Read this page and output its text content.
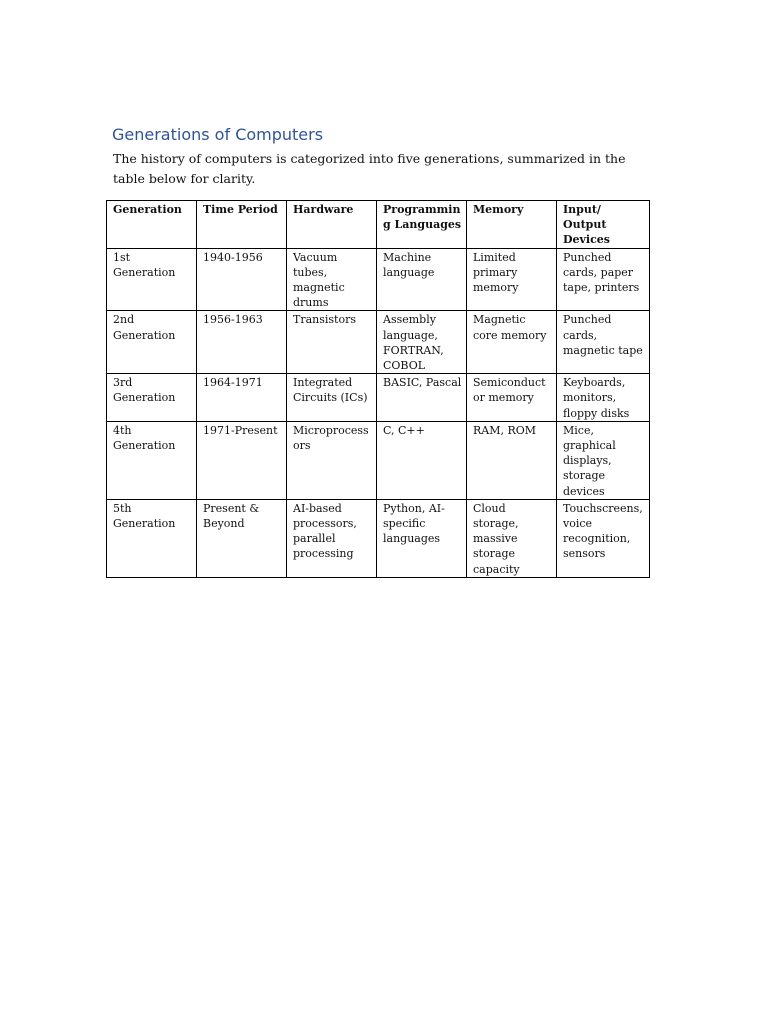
Generations of Computers

The history of computers is categorized into five generations, summarized in the table below for clarity.

Generation	Time Period	Hardware	Programming Languages	Memory	Input/ Output Devices
1st Generation	1940-1956	Vacuum tubes, magnetic drums	Machine language	Limited primary memory	Punched cards, paper tape, printers
2nd Generation	1956-1963	Transistors	Assembly language, FORTRAN, COBOL	Magnetic core memory	Punched cards, magnetic tape
3rd Generation	1964-1971	Integrated Circuits (ICs)	BASIC, Pascal	Semiconductor memory	Keyboards, monitors, floppy disks
4th Generation	1971-Present	Microprocessors	C, C++	RAM, ROM	Mice, graphical displays, storage devices
5th Generation	Present & Beyond	AI-based processors, parallel processing	Python, AI-specific languages	Cloud storage, massive storage capacity	Touchscreens, voice recognition, sensors
